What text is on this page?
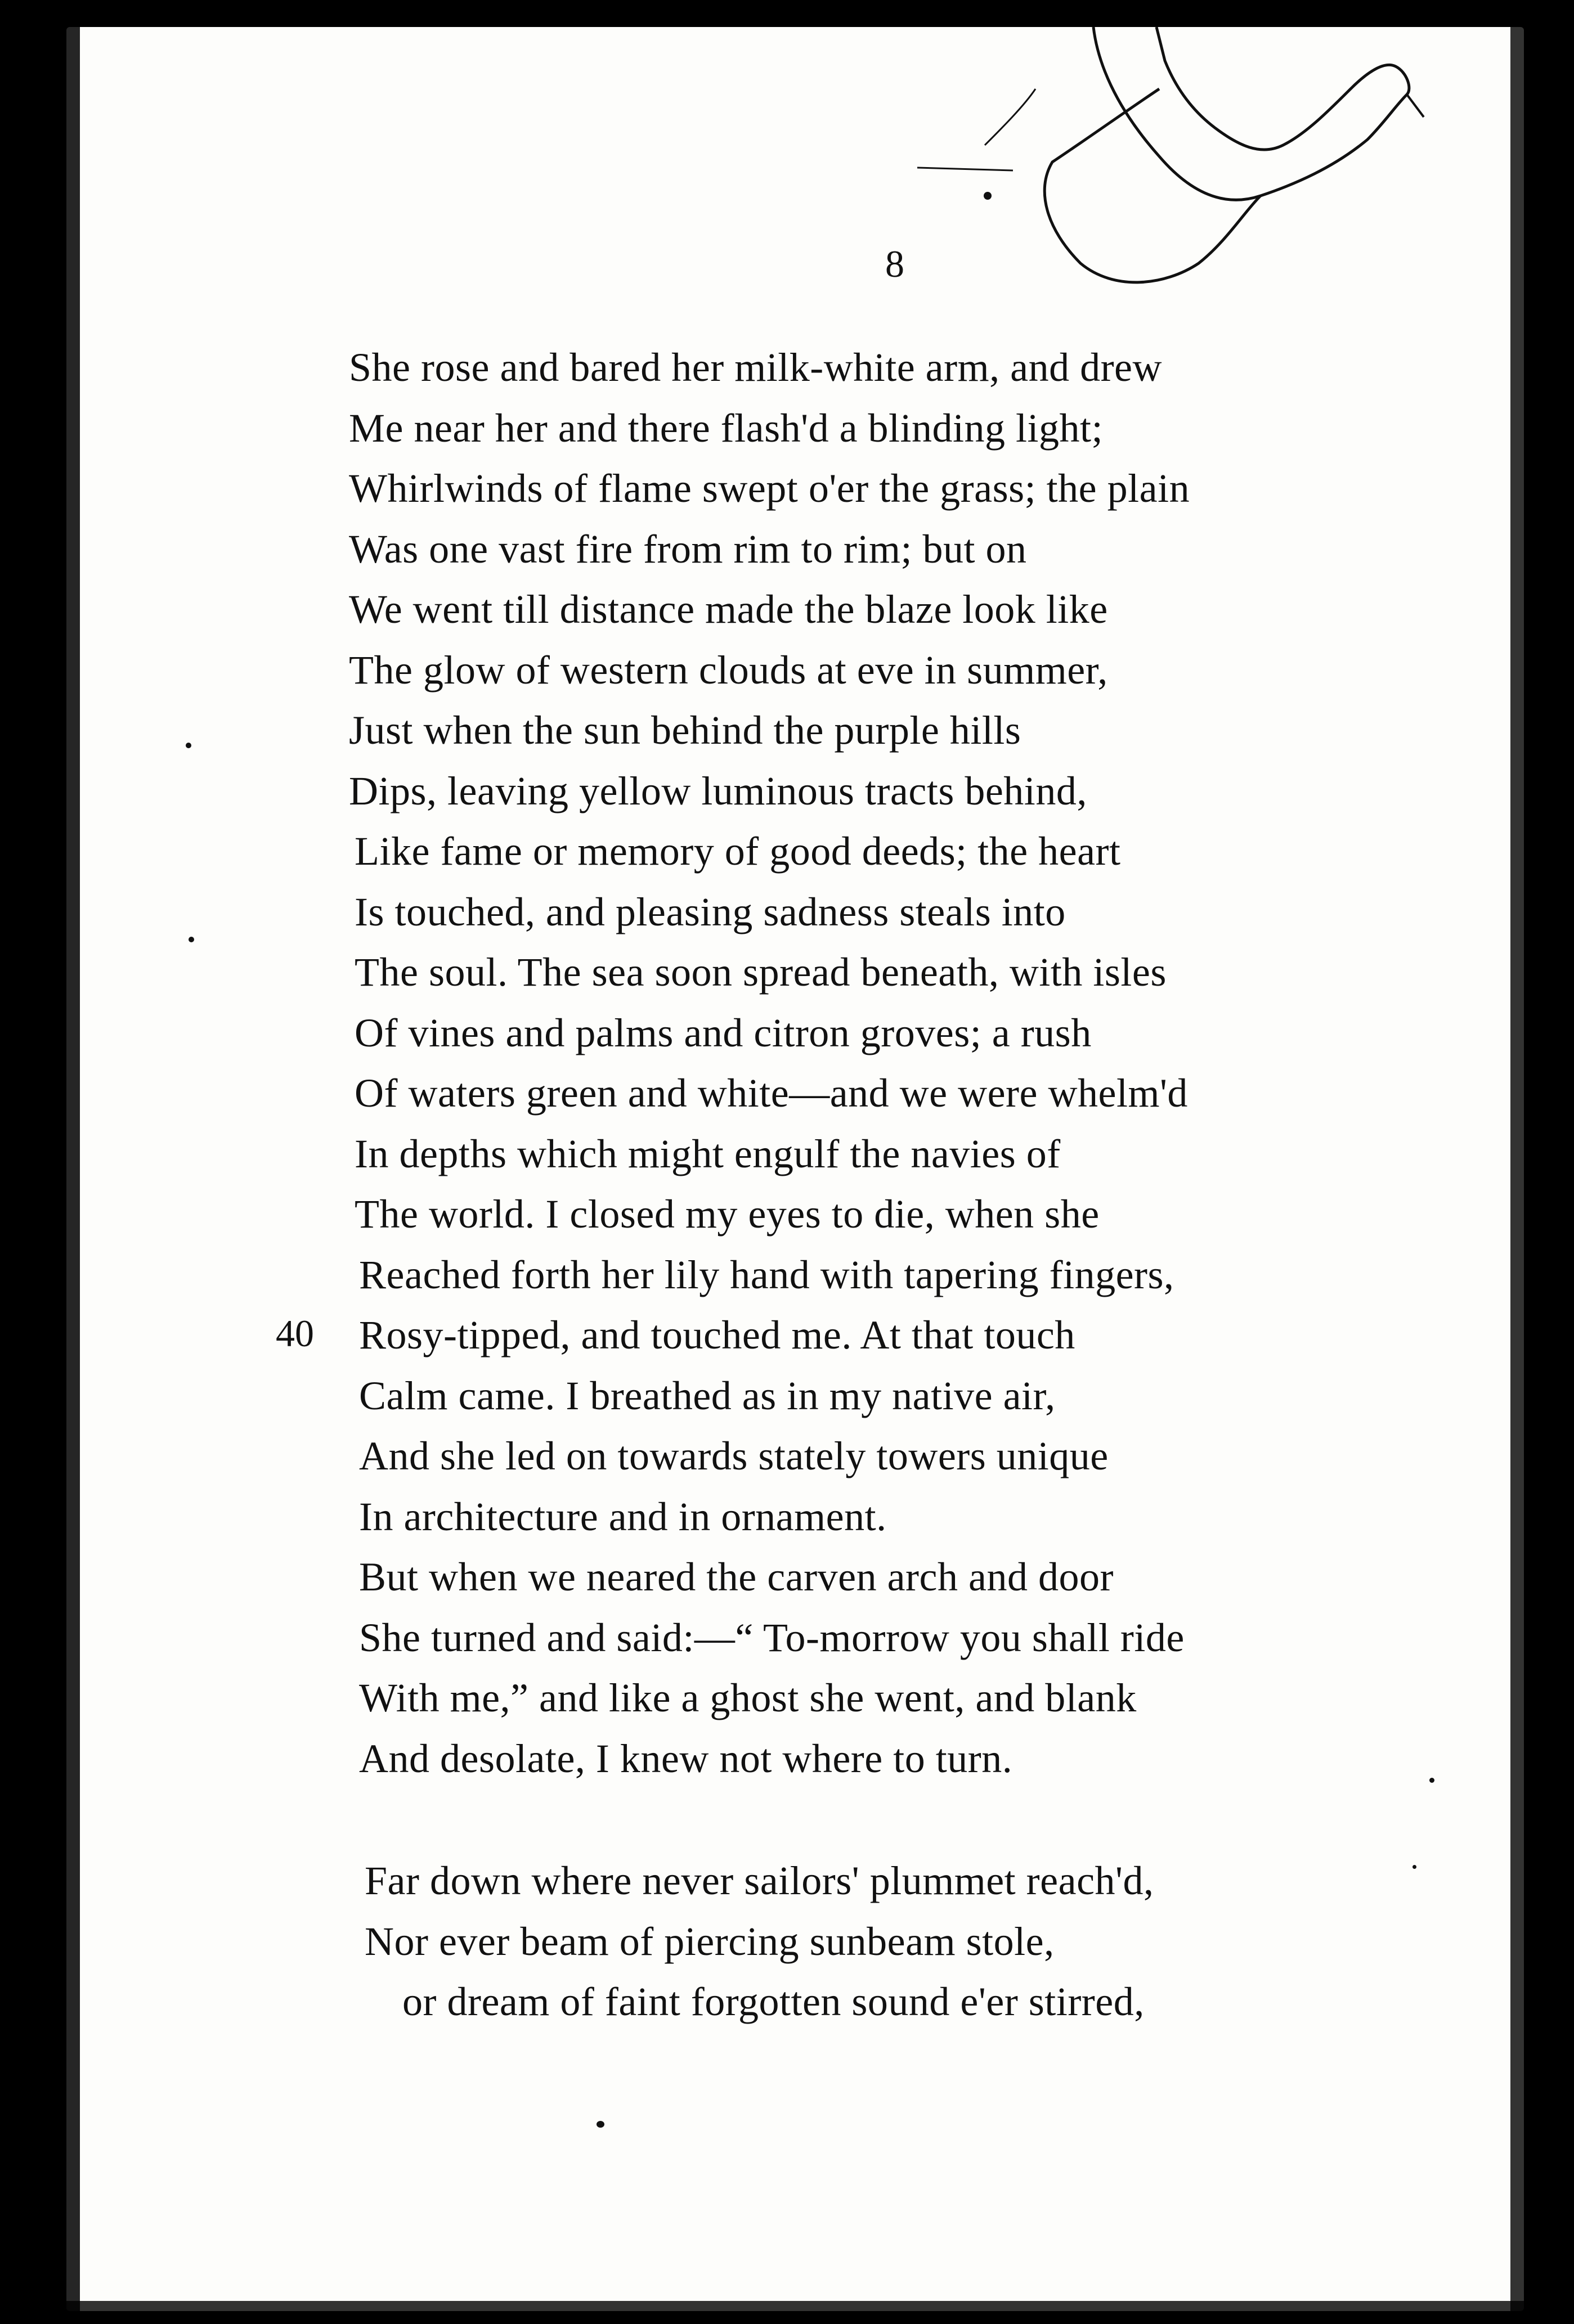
8
40
She rose and bared her milk-white arm, and drew
Me near her and there flash'd a blinding light;
Whirlwinds of flame swept o'er the grass; the plain
Was one vast fire from rim to rim; but on
We went till distance made the blaze look like
The glow of western clouds at eve in summer,
Just when the sun behind the purple hills
Dips, leaving yellow luminous tracts behind,
Like fame or memory of good deeds; the heart
Is touched, and pleasing sadness steals into
The soul. The sea soon spread beneath, with isles
Of vines and palms and citron groves; a rush
Of waters green and white—and we were whelm'd
In depths which might engulf the navies of
The world. I closed my eyes to die, when she
Reached forth her lily hand with tapering fingers,
Rosy-tipped, and touched me. At that touch
Calm came. I breathed as in my native air,
And she led on towards stately towers unique
In architecture and in ornament.
But when we neared the carven arch and door
She turned and said:—“ To-morrow you shall ride
With me,” and like a ghost she went, and blank
And desolate, I knew not where to turn.
Far down where never sailors' plummet reach'd,
Nor ever beam of piercing sunbeam stole,
or dream of faint forgotten sound e'er stirred,
